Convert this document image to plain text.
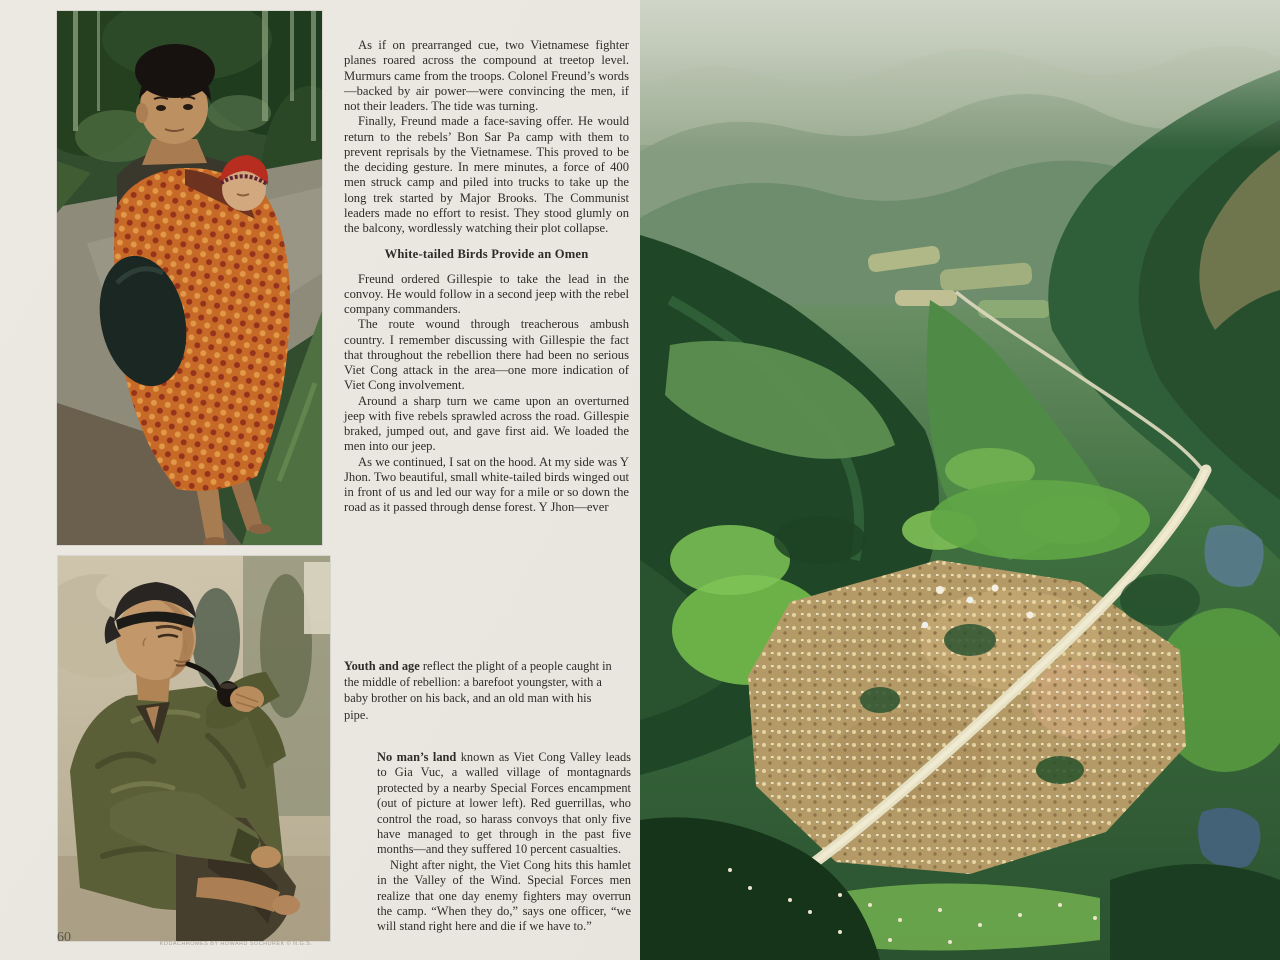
As if on prearranged cue, two Vietnamese fighter planes roared across the compound at treetop level. Murmurs came from the troops. Colonel Freund’s words—backed by air power—were convincing the men, if not their leaders. The tide was turning.

Finally, Freund made a face-saving offer. He would return to the rebels’ Bon Sar Pa camp with them to prevent reprisals by the Vietnamese. This proved to be the deciding gesture. In mere minutes, a force of 400 men struck camp and piled into trucks to take up the long trek started by Major Brooks. The Communist leaders made no effort to resist. They stood glumly on the balcony, wordlessly watching their plot collapse.

White-tailed Birds Provide an Omen

Freund ordered Gillespie to take the lead in the convoy. He would follow in a second jeep with the rebel company commanders.

The route wound through treacherous ambush country. I remember discussing with Gillespie the fact that throughout the rebellion there had been no serious Viet Cong attack in the area—one more indication of Viet Cong involvement.

Around a sharp turn we came upon an overturned jeep with five rebels sprawled across the road. Gillespie braked, jumped out, and gave first aid. We loaded the men into our jeep.

As we continued, I sat on the hood. At my side was Y Jhon. Two beautiful, small white-tailed birds winged out in front of us and led our way for a mile or so down the road as it passed through dense forest. Y Jhon—ever

Youth and age reflect the plight of a people caught in the middle of rebellion: a barefoot youngster, with a baby brother on his back, and an old man with his pipe.

No man’s land known as Viet Cong Valley leads to Gia Vuc, a walled village of montagnards protected by a nearby Special Forces encampment (out of picture at lower left). Red guerrillas, who control the road, so harass convoys that only five have managed to get through in the past five months—and they suffered 10 percent casualties.

Night after night, the Viet Cong hits this hamlet in the Valley of the Wind. Special Forces men realize that one day enemy fighters may overrun the camp. “When they do,” says one officer, “we will stand right here and die if we have to.”

60	KODACHROMES BY HOWARD SOCHUREK © N.G.S.
